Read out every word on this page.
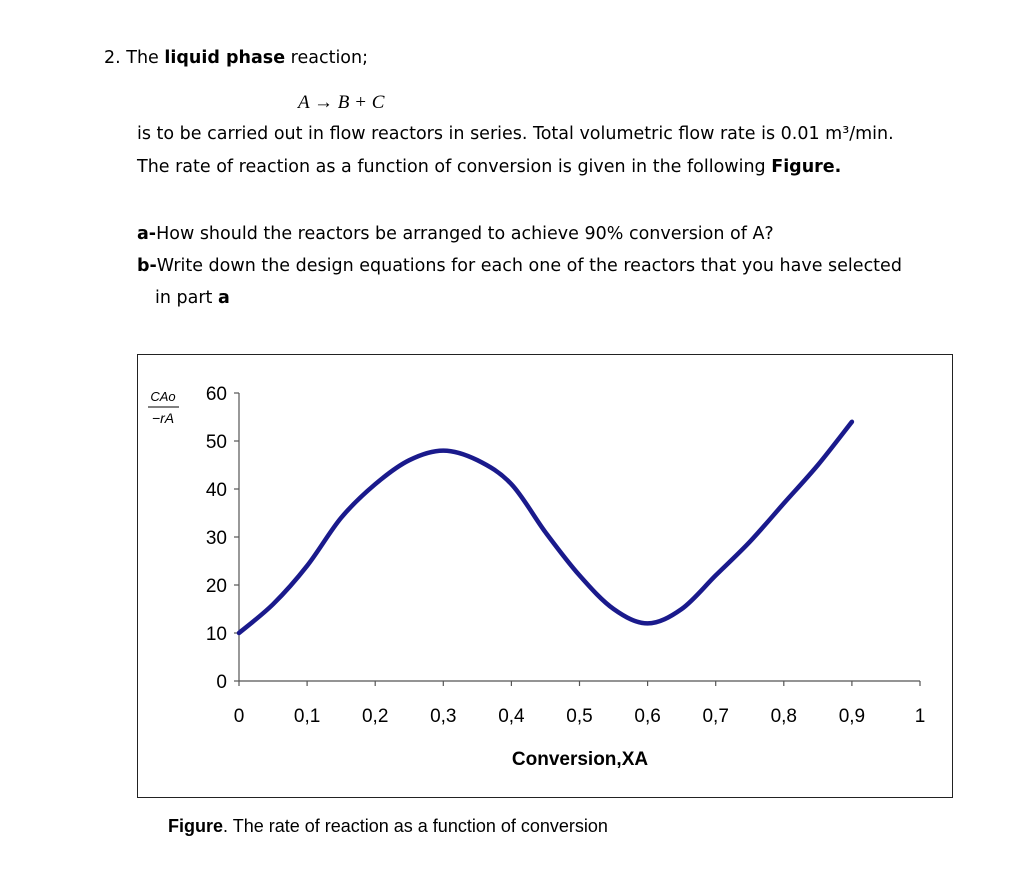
2. The liquid phase reaction;
A → B + C
is to be carried out in flow reactors in series. Total volumetric flow rate is 0.01 m³/min.
The rate of reaction as a function of conversion is given in the following Figure.
a-How should the reactors be arranged to achieve 90% conversion of A?
b-Write down the design equations for each one of the reactors that you have selected
in part a
CAo
−rA
0
10
20
30
40
50
60
0	0,1 0,2 0,3 0,4 0,5 0,6 0,7 0,8 0,9	1
Conversion,XA
Figure. The rate of reaction as a function of conversion
